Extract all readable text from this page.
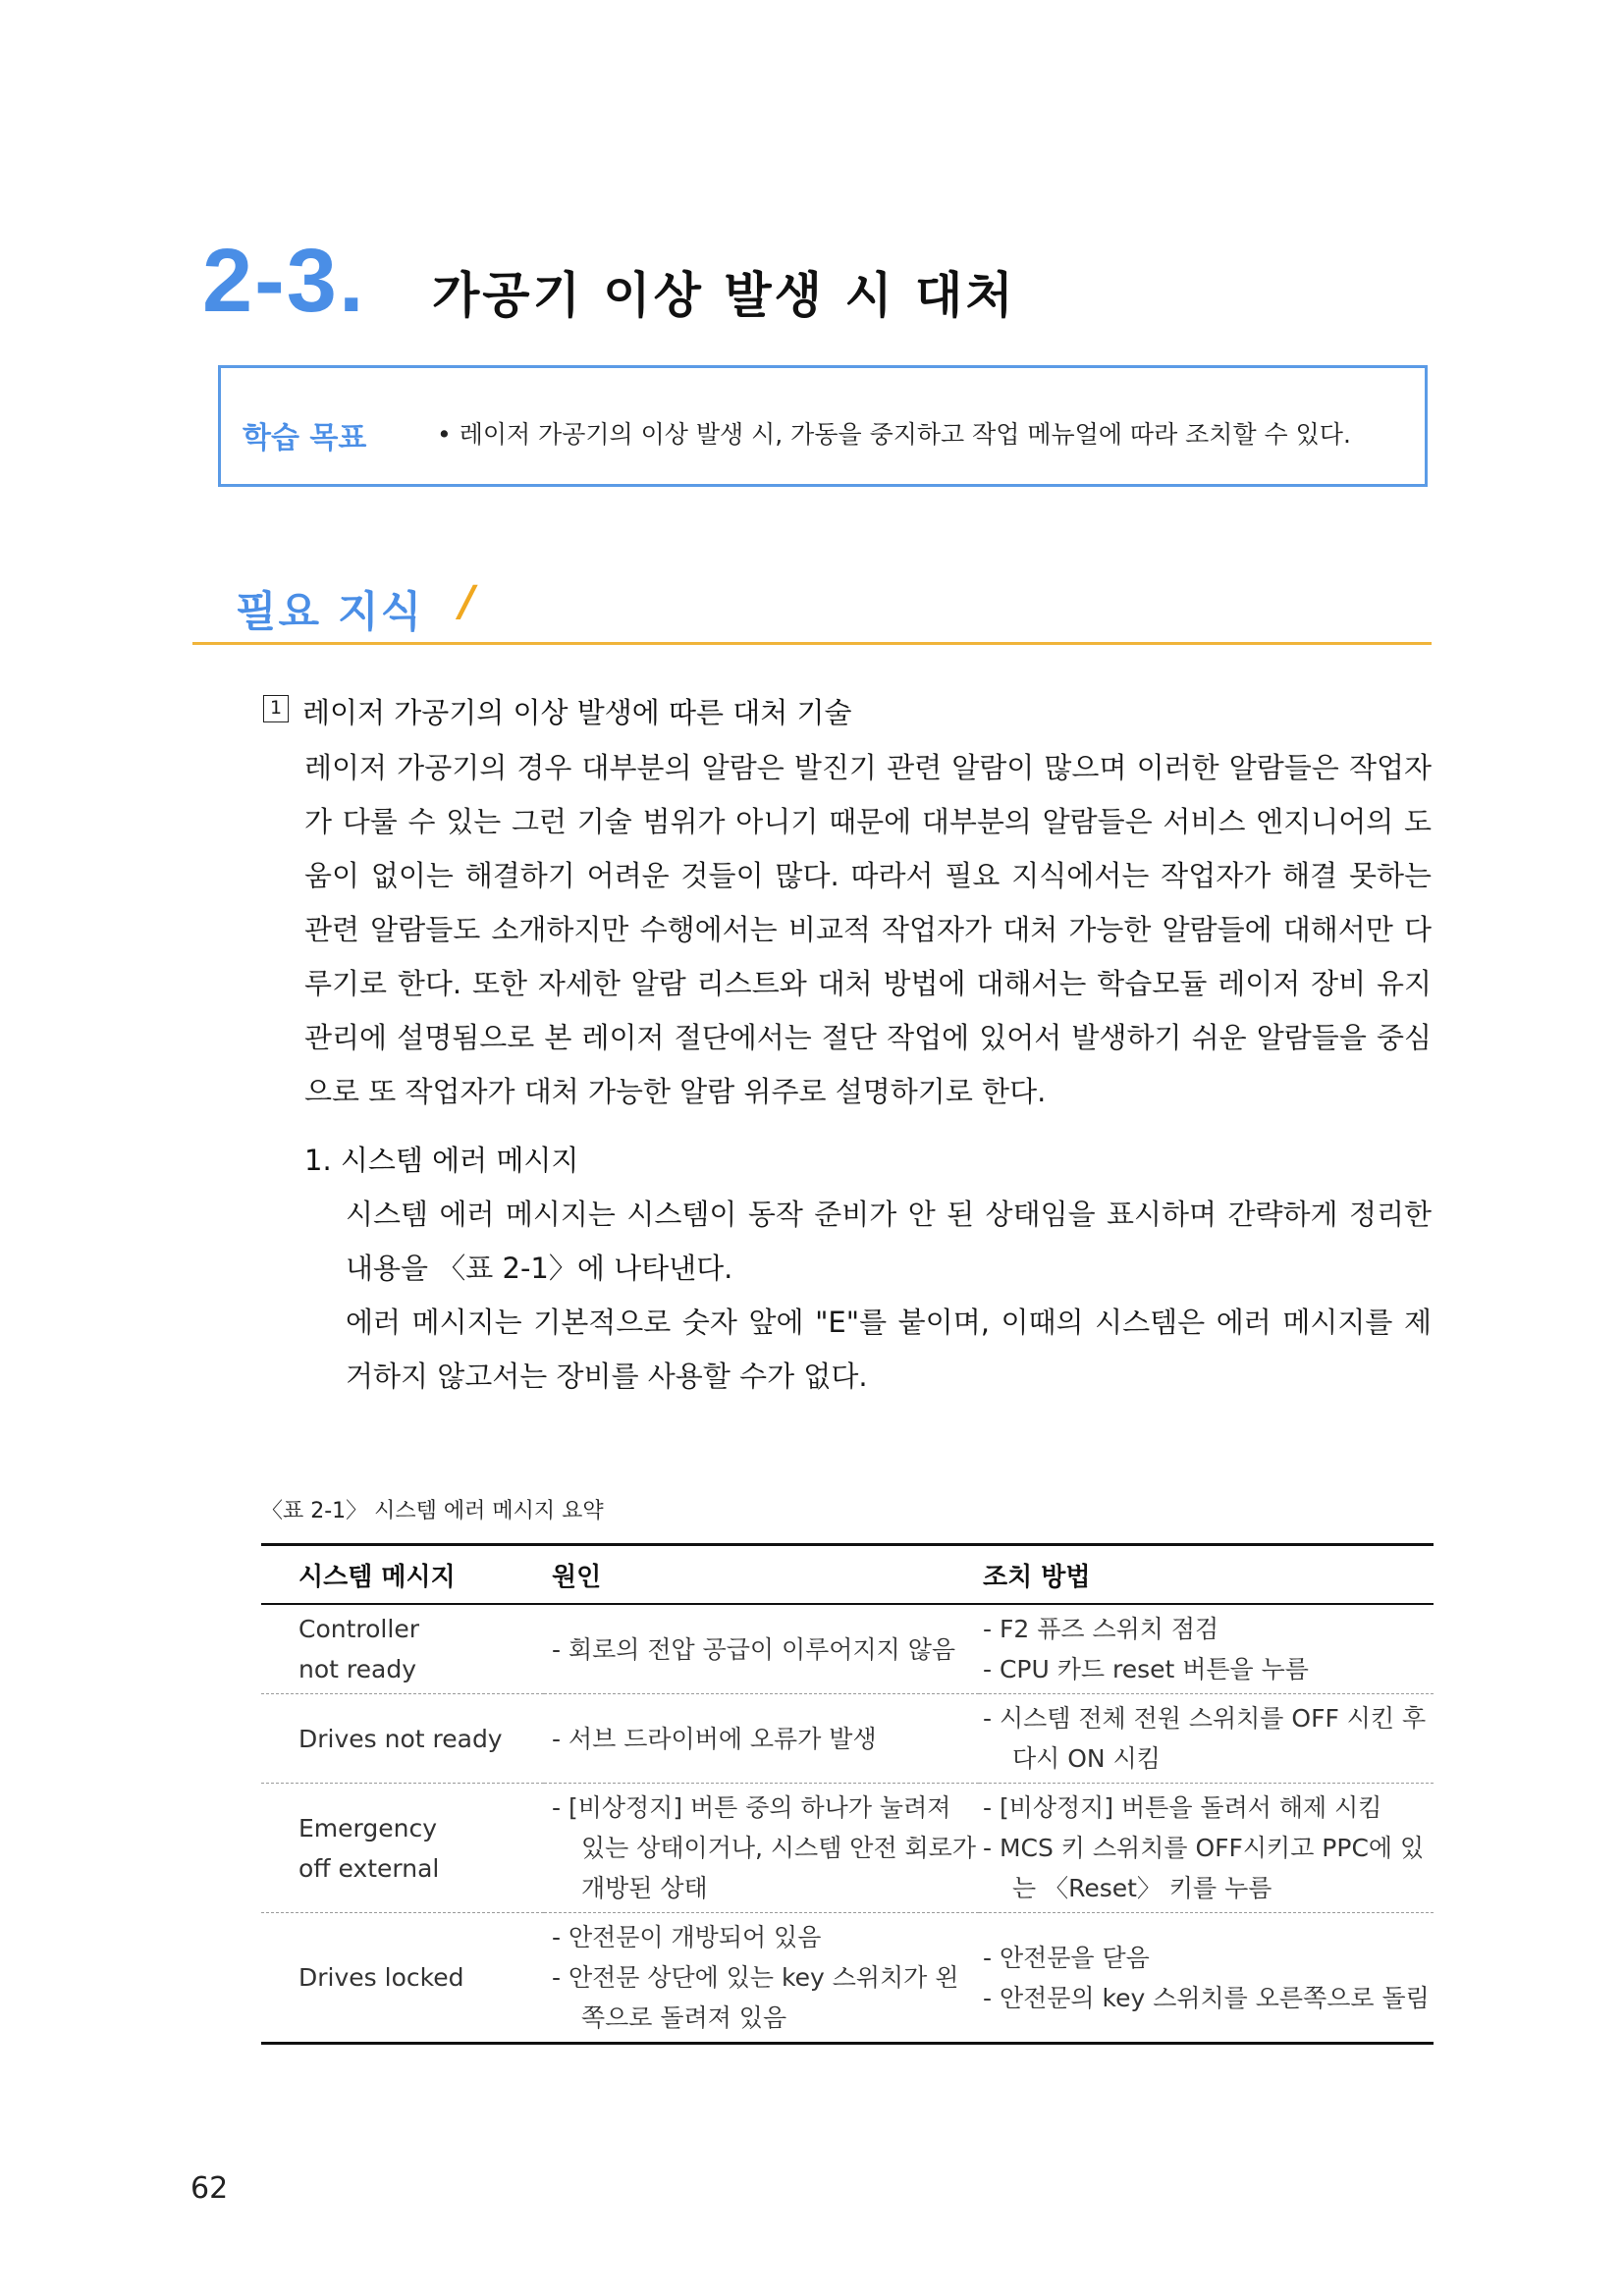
2-3. 가공기 이상 발생 시 대처
학습 목표	• 레이저 가공기의 이상 발생 시, 가동을 중지하고 작업 메뉴얼에 따라 조치할 수 있다.
필요 지식 /
1 레이저 가공기의 이상 발생에 따른 대처 기술
레이저 가공기의 경우 대부분의 알람은 발진기 관련 알람이 많으며 이러한 알람들은 작업자가 다룰 수 있는 그런 기술 범위가 아니기 때문에 대부분의 알람들은 서비스 엔지니어의 도움이 없이는 해결하기 어려운 것들이 많다. 따라서 필요 지식에서는 작업자가 해결 못하는 관련 알람들도 소개하지만 수행에서는 비교적 작업자가 대처 가능한 알람들에 대해서만 다루기로 한다. 또한 자세한 알람 리스트와 대처 방법에 대해서는 학습모듈 레이저 장비 유지 관리에 설명됨으로 본 레이저 절단에서는 절단 작업에 있어서 발생하기 쉬운 알람들을 중심으로 또 작업자가 대처 가능한 알람 위주로 설명하기로 한다.
1. 시스템 에러 메시지
시스템 에러 메시지는 시스템이 동작 준비가 안 된 상태임을 표시하며 간략하게 정리한 내용을 〈표 2-1〉에 나타낸다.
에러 메시지는 기본적으로 숫자 앞에 "E"를 붙이며, 이때의 시스템은 에러 메시지를 제거하지 않고서는 장비를 사용할 수가 없다.
〈표 2-1〉 시스템 에러 메시지 요약
시스템 메시지	원인	조치 방법

Controller
not ready	- 회로의 전압 공급이 이루어지지 않음	- F2 퓨즈 스위치 점검
- CPU 카드 reset 버튼을 누름

Drives not ready	- 서브 드라이버에 오류가 발생	- 시스템 전체 전원 스위치를 OFF 시킨 후 다시 ON 시킴

Emergency
off external	- [비상정지] 버튼 중의 하나가 눌려져 있는 상태이거나, 시스템 안전 회로가 개방된 상태	- [비상정지] 버튼을 돌려서 해제 시킴
- MCS 키 스위치를 OFF시키고 PPC에 있는 〈Reset〉 키를 누름

Drives locked	- 안전문이 개방되어 있음
- 안전문 상단에 있는 key 스위치가 왼쪽으로 돌려져 있음	- 안전문을 닫음
- 안전문의 key 스위치를 오른쪽으로 돌림
62
